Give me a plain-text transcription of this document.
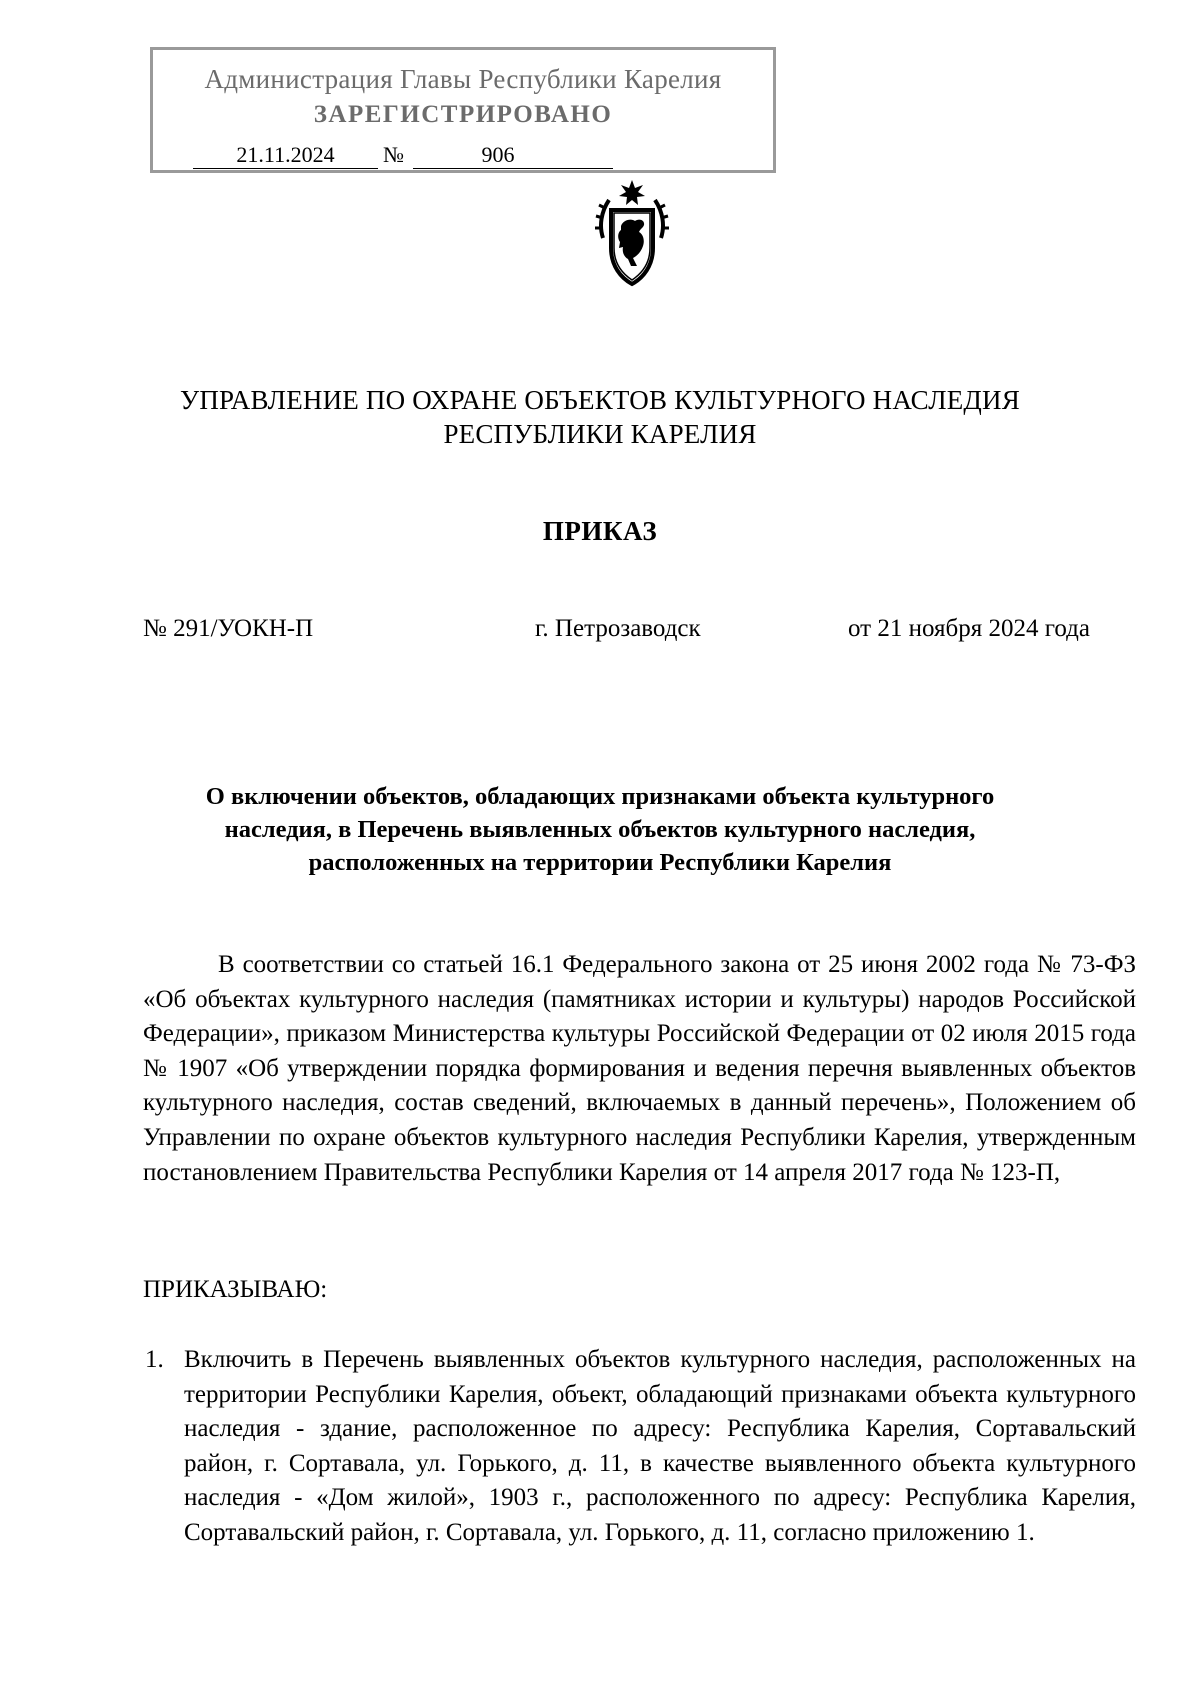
Администрация Главы Республики Карелия
ЗАРЕГИСТРИРОВАНО
21.11.2024	№	906
УПРАВЛЕНИЕ ПО ОХРАНЕ ОБЪЕКТОВ КУЛЬТУРНОГО НАСЛЕДИЯ
РЕСПУБЛИКИ КАРЕЛИЯ
ПРИКАЗ
№ 291/УОКН-П	г. Петрозаводск	от 21 ноября 2024 года
О включении объектов, обладающих признаками объекта культурного наследия, в Перечень выявленных объектов культурного наследия, расположенных на территории Республики Карелия

В соответствии со статьей 16.1 Федерального закона от 25 июня 2002 года № 73-ФЗ «Об объектах культурного наследия (памятниках истории и культуры) народов Российской Федерации», приказом Министерства культуры Российской Федерации от 02 июля 2015 года № 1907 «Об утверждении порядка формирования и ведения перечня выявленных объектов культурного наследия, состав сведений, включаемых в данный перечень», Положением об Управлении по охране объектов культурного наследия Республики Карелия, утвержденным постановлением Правительства Республики Карелия от 14 апреля 2017 года № 123-П,

ПРИКАЗЫВАЮ:
1. Включить в Перечень выявленных объектов культурного наследия, расположенных на территории Республики Карелия, объект, обладающий признаками объекта культурного наследия - здание, расположенное по адресу: Республика Карелия, Сортавальский район, г. Сортавала, ул. Горького, д. 11, в качестве выявленного объекта культурного наследия - «Дом жилой», 1903 г., расположенного по адресу: Республика Карелия, Сортавальский район, г. Сортавала, ул. Горького, д. 11, согласно приложению 1.
